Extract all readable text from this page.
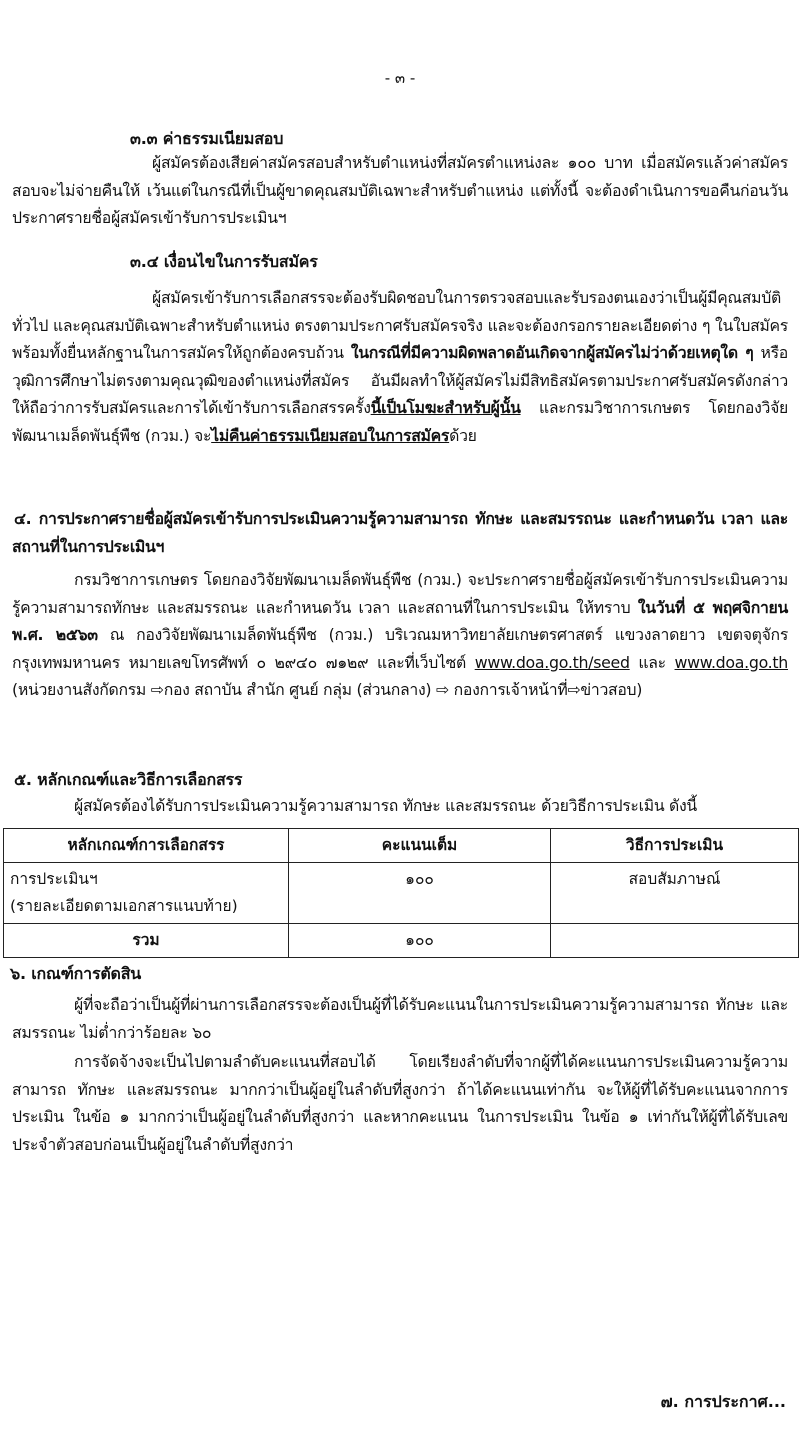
- ๓ -
๓.๓ ค่าธรรมเนียมสอบ

ผู้สมัครต้องเสียค่าสมัครสอบสำหรับตำแหน่งที่สมัครตำแหน่งละ ๑๐๐ บาท เมื่อสมัครแล้วค่าสมัครสอบจะไม่จ่ายคืนให้ เว้นแต่ในกรณีที่เป็นผู้ขาดคุณสมบัติเฉพาะสำหรับตำแหน่ง แต่ทั้งนี้ จะต้องดำเนินการขอคืนก่อนวันประกาศรายชื่อผู้สมัครเข้ารับการประเมินฯ

๓.๔ เงื่อนไขในการรับสมัคร

ผู้สมัครเข้ารับการเลือกสรรจะต้องรับผิดชอบในการตรวจสอบและรับรองตนเองว่าเป็นผู้มีคุณสมบัติทั่วไป และคุณสมบัติเฉพาะสำหรับตำแหน่ง ตรงตามประกาศรับสมัครจริง และจะต้องกรอกรายละเอียดต่าง ๆ ในใบสมัคร พร้อมทั้งยื่นหลักฐานในการสมัครให้ถูกต้องครบถ้วน ในกรณีที่มีความผิดพลาดอันเกิดจากผู้สมัครไม่ว่าด้วยเหตุใด ๆ หรือวุฒิการศึกษาไม่ตรงตามคุณวุฒิของตำแหน่งที่สมัคร อันมีผลทำให้ผู้สมัครไม่มีสิทธิสมัครตามประกาศรับสมัครดังกล่าว ให้ถือว่าการรับสมัครและการได้เข้ารับการเลือกสรรครั้งนี้เป็นโมฆะสำหรับผู้นั้น และกรมวิชาการเกษตร โดยกองวิจัยพัฒนาเมล็ดพันธุ์พืช (กวม.) จะไม่คืนค่าธรรมเนียมสอบในการสมัครด้วย

๔. การประกาศรายชื่อผู้สมัครเข้ารับการประเมินความรู้ความสามารถ ทักษะ และสมรรถนะ และกำหนดวัน เวลา และสถานที่ในการประเมินฯ

กรมวิชาการเกษตร โดยกองวิจัยพัฒนาเมล็ดพันธุ์พืช (กวม.) จะประกาศรายชื่อผู้สมัครเข้ารับการประเมินความรู้ความสามารถทักษะ และสมรรถนะ และกำหนดวัน เวลา และสถานที่ในการประเมิน ให้ทราบ ในวันที่ ๕ พฤศจิกายน พ.ศ. ๒๕๖๓ ณ กองวิจัยพัฒนาเมล็ดพันธุ์พืช (กวม.) บริเวณมหาวิทยาลัยเกษตรศาสตร์ แขวงลาดยาว เขตจตุจักร กรุงเทพมหานคร หมายเลขโทรศัพท์ ๐ ๒๙๔๐ ๗๑๒๙ และที่เว็บไซต์ www.doa.go.th/seed และ www.doa.go.th (หน่วยงานสังกัดกรม ⇨กอง สถาบัน สำนัก ศูนย์ กลุ่ม (ส่วนกลาง) ⇨ กองการเจ้าหน้าที่⇨ข่าวสอบ)

๕. หลักเกณฑ์และวิธีการเลือกสรร

ผู้สมัครต้องได้รับการประเมินความรู้ความสามารถ ทักษะ และสมรรถนะ ด้วยวิธีการประเมิน ดังนี้

หลักเกณฑ์การเลือกสรร	คะแนนเต็ม	วิธีการประเมิน

การประเมินฯ
(รายละเอียดตามเอกสารแนบท้าย)	๑๐๐	สอบสัมภาษณ์
รวม	๑๐๐	
๖. เกณฑ์การตัดสิน

ผู้ที่จะถือว่าเป็นผู้ที่ผ่านการเลือกสรรจะต้องเป็นผู้ที่ได้รับคะแนนในการประเมินความรู้ความสามารถ ทักษะ และสมรรถนะ ไม่ต่ำกว่าร้อยละ ๖๐

การจัดจ้างจะเป็นไปตามลำดับคะแนนที่สอบได้ โดยเรียงลำดับที่จากผู้ที่ได้คะแนนการประเมินความรู้ความสามารถ ทักษะ และสมรรถนะ มากกว่าเป็นผู้อยู่ในลำดับที่สูงกว่า ถ้าได้คะแนนเท่ากัน จะให้ผู้ที่ได้รับคะแนนจากการประเมิน ในข้อ ๑ มากกว่าเป็นผู้อยู่ในลำดับที่สูงกว่า และหากคะแนน ในการประเมิน ในข้อ ๑ เท่ากันให้ผู้ที่ได้รับเลขประจำตัวสอบก่อนเป็นผู้อยู่ในลำดับที่สูงกว่า

๗. การประกาศ...
